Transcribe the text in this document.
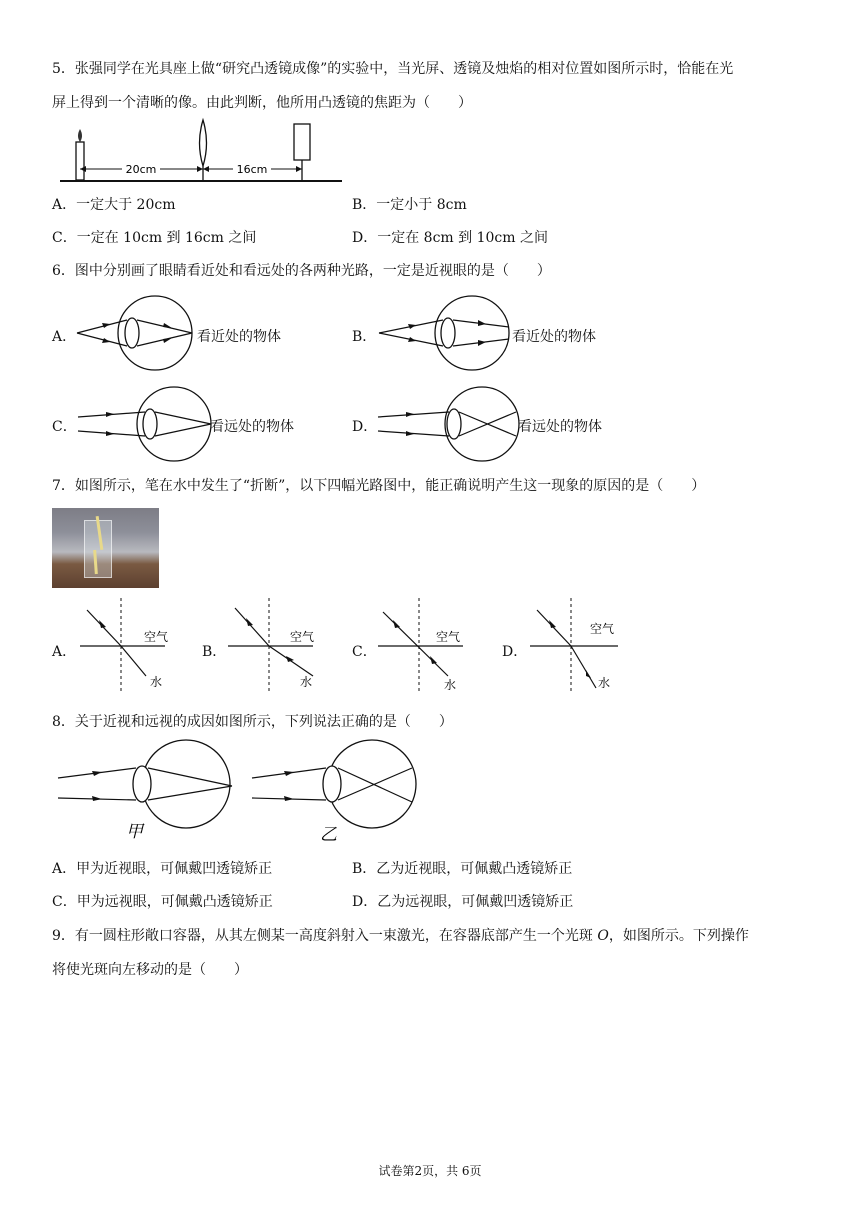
5．张强同学在光具座上做“研究凸透镜成像”的实验中，当光屏、透镜及烛焰的相对位置如图所示时，恰能在光
屏上得到一个清晰的像。由此判断，他所用凸透镜的焦距为（　　）
20cm	16cm
A．一定大于 20cm	B．一定小于 8cm
C．一定在 10cm 到 16cm 之间	D．一定在 8cm 到 10cm 之间
6．图中分别画了眼睛看近处和看远处的各两种光路，一定是近视眼的是（　　）
A．	看近处的物体	B．	看近处的物体
C．	看远处的物体	D．	看远处的物体
7．如图所示，笔在水中发生了“折断”，以下四幅光路图中，能正确说明产生这一现象的原因的是（　　）
A．
空气
水
B．
空气
水
C．
空气
水
D．
空气
水
8．关于近视和远视的成因如图所示，下列说法正确的是（　　）
甲	乙
A．甲为近视眼，可佩戴凹透镜矫正	B．乙为近视眼，可佩戴凸透镜矫正
C．甲为远视眼，可佩戴凸透镜矫正	D．乙为远视眼，可佩戴凹透镜矫正
9．有一圆柱形敞口容器，从其左侧某一高度斜射入一束激光，在容器底部产生一个光斑 O，如图所示。下列操作
将使光斑向左移动的是（　　）
试卷第2页，共 6页
